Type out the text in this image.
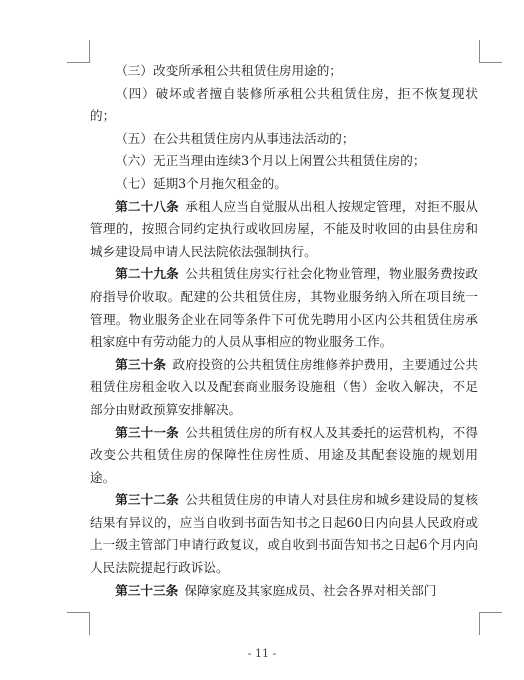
（三）改变所承租公共租赁住房用途的；

（四）破坏或者擅自装修所承租公共租赁住房，拒不恢复现状的；

（五）在公共租赁住房内从事违法活动的；

（六）无正当理由连续3个月以上闲置公共租赁住房的；

（七）延期3个月拖欠租金的。

第二十八条  承租人应当自觉服从出租人按规定管理，对拒不服从管理的，按照合同约定执行或收回房屋，不能及时收回的由县住房和城乡建设局申请人民法院依法强制执行。

第二十九条  公共租赁住房实行社会化物业管理，物业服务费按政府指导价收取。配建的公共租赁住房，其物业服务纳入所在项目统一管理。物业服务企业在同等条件下可优先聘用小区内公共租赁住房承租家庭中有劳动能力的人员从事相应的物业服务工作。

第三十条  政府投资的公共租赁住房维修养护费用，主要通过公共租赁住房租金收入以及配套商业服务设施租（售）金收入解决，不足部分由财政预算安排解决。

第三十一条  公共租赁住房的所有权人及其委托的运营机构，不得改变公共租赁住房的保障性住房性质、用途及其配套设施的规划用途。

第三十二条  公共租赁住房的申请人对县住房和城乡建设局的复核结果有异议的，应当自收到书面告知书之日起60日内向县人民政府或上一级主管部门申请行政复议，或自收到书面告知书之日起6个月内向人民法院提起行政诉讼。

第三十三条  保障家庭及其家庭成员、社会各界对相关部门

- 11 -
